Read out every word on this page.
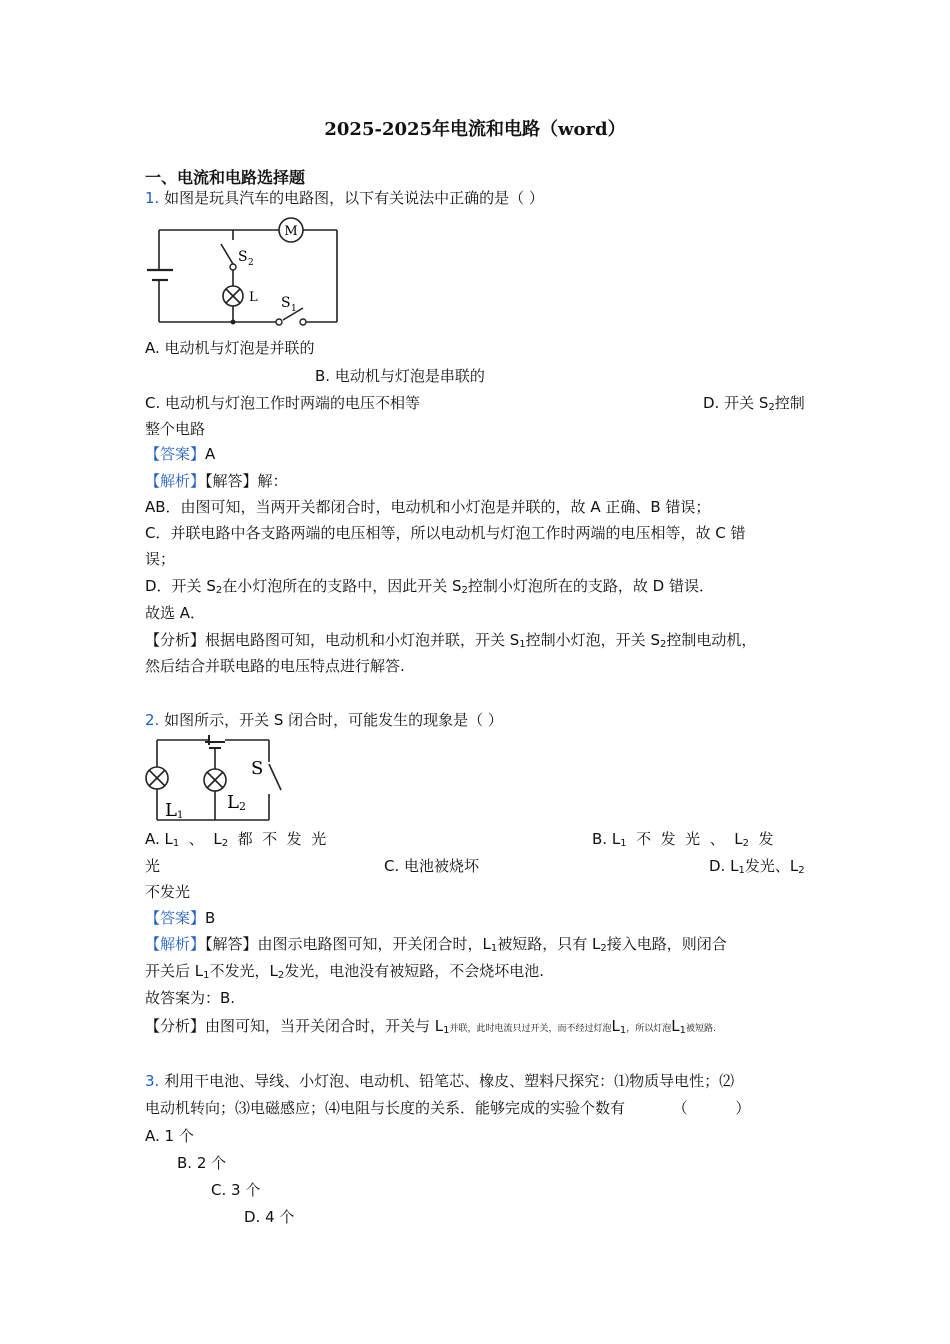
2025-2025年电流和电路（word）
一、电流和电路选择题
1. 如图是玩具汽车的电路图，以下有关说法中正确的是（ ）
M
S 2
L S 1
A. 电动机与灯泡是并联的
B. 电动机与灯泡是串联的
C. 电动机与灯泡工作时两端的电压不相等	D. 开关 $S_2$控制
整个电路
【答案】A
【解析】【解答】解：
AB．由图可知，当两开关都闭合时，电动机和小灯泡是并联的，故 A 正确、B 错误；
C．并联电路中各支路两端的电压相等，所以电动机与灯泡工作时两端的电压相等，故 C 错
误；
D．开关 $S_2$在小灯泡所在的支路中，因此开关 $S_2$控制小灯泡所在的支路，故 D 错误．
故选 A．
【分析】根据电路图可知，电动机和小灯泡并联，开关 $S_1$控制小灯泡，开关 $S_2$控制电动机，
然后结合并联电路的电压特点进行解答.
2. 如图所示，开关 S 闭合时，可能发生的现象是（ ）
S
L 1
L 2
A. $L_1$  、  $L_2$  都  不  发  光	B. $L_1$  不  发  光  、  $L_2$  发
光	C. 电池被烧坏	D. $L_1$发光、$L_2$
不发光
【答案】B
【解析】【解答】由图示电路图可知，开关闭合时，$L_1$被短路，只有 $L_2$接入电路，则闭合
开关后 $L_1$不发光，$L_2$发光，电池没有被短路，不会烧坏电池.
故答案为：B.
【分析】由图可知，当开关闭合时，开关与 $L_1$并联，此时电流只过开关，而不经过灯泡$L_1$，所以灯泡$L_1$被短路.
3. 利用干电池、导线、小灯泡、电动机、铅笔芯、橡皮、塑料尺探究：⑴物质导电性；⑵
电动机转向；⑶电磁感应；⑷电阻与长度的关系．能够完成的实验个数有          （          ）
A. 1 个
B. 2 个
C. 3 个
D. 4 个
